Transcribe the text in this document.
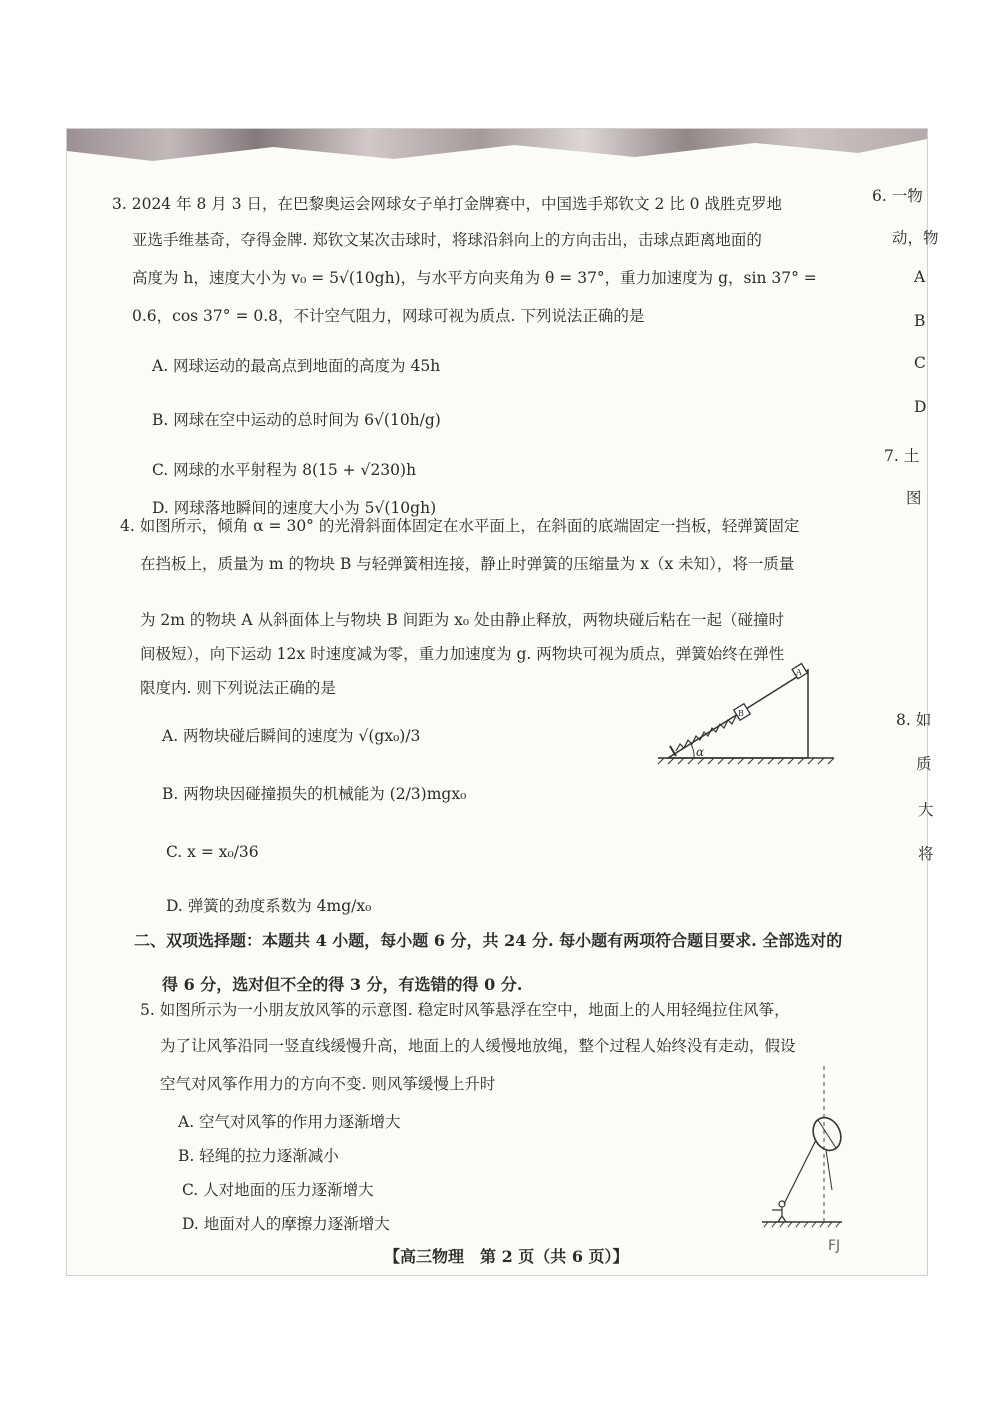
3. 2024 年 8 月 3 日，在巴黎奥运会网球女子单打金牌赛中，中国选手郑钦文 2 比 0 战胜克罗地
亚选手维基奇，夺得金牌. 郑钦文某次击球时，将球沿斜向上的方向击出，击球点距离地面的
高度为 h，速度大小为 v₀ = 5√(10gh)，与水平方向夹角为 θ = 37°，重力加速度为 g，sin 37° =
0.6，cos 37° = 0.8，不计空气阻力，网球可视为质点. 下列说法正确的是
A. 网球运动的最高点到地面的高度为 45h
B. 网球在空中运动的总时间为 6√(10h/g)
C. 网球的水平射程为 8(15 + √230)h
D. 网球落地瞬间的速度大小为 5√(10gh)
4. 如图所示，倾角 α = 30° 的光滑斜面体固定在水平面上，在斜面的底端固定一挡板，轻弹簧固定
在挡板上，质量为 m 的物块 B 与轻弹簧相连接，静止时弹簧的压缩量为 x（x 未知），将一质量
为 2m 的物块 A 从斜面体上与物块 B 间距为 x₀ 处由静止释放，两物块碰后粘在一起（碰撞时
间极短），向下运动 12x 时速度减为零，重力加速度为 g. 两物块可视为质点，弹簧始终在弹性
限度内. 则下列说法正确的是
A. 两物块碰后瞬间的速度为 √(gx₀)/3
B. 两物块因碰撞损失的机械能为 (2/3)mgx₀
C. x = x₀/36
D. 弹簧的劲度系数为 4mg/x₀
α
B
A
二、双项选择题：本题共 4 小题，每小题 6 分，共 24 分. 每小题有两项符合题目要求. 全部选对的
得 6 分，选对但不全的得 3 分，有选错的得 0 分.
5. 如图所示为一小朋友放风筝的示意图. 稳定时风筝悬浮在空中，地面上的人用轻绳拉住风筝，
为了让风筝沿同一竖直线缓慢升高，地面上的人缓慢地放绳，整个过程人始终没有走动，假设
空气对风筝作用力的方向不变. 则风筝缓慢上升时
A. 空气对风筝的作用力逐渐增大
B. 轻绳的拉力逐渐减小
C. 人对地面的压力逐渐增大
D. 地面对人的摩擦力逐渐增大
6. 一物
动，物
A
B
C
D
7. 土
图
8. 如
质
大
将
【高三物理　第 2 页（共 6 页）】
FJ
